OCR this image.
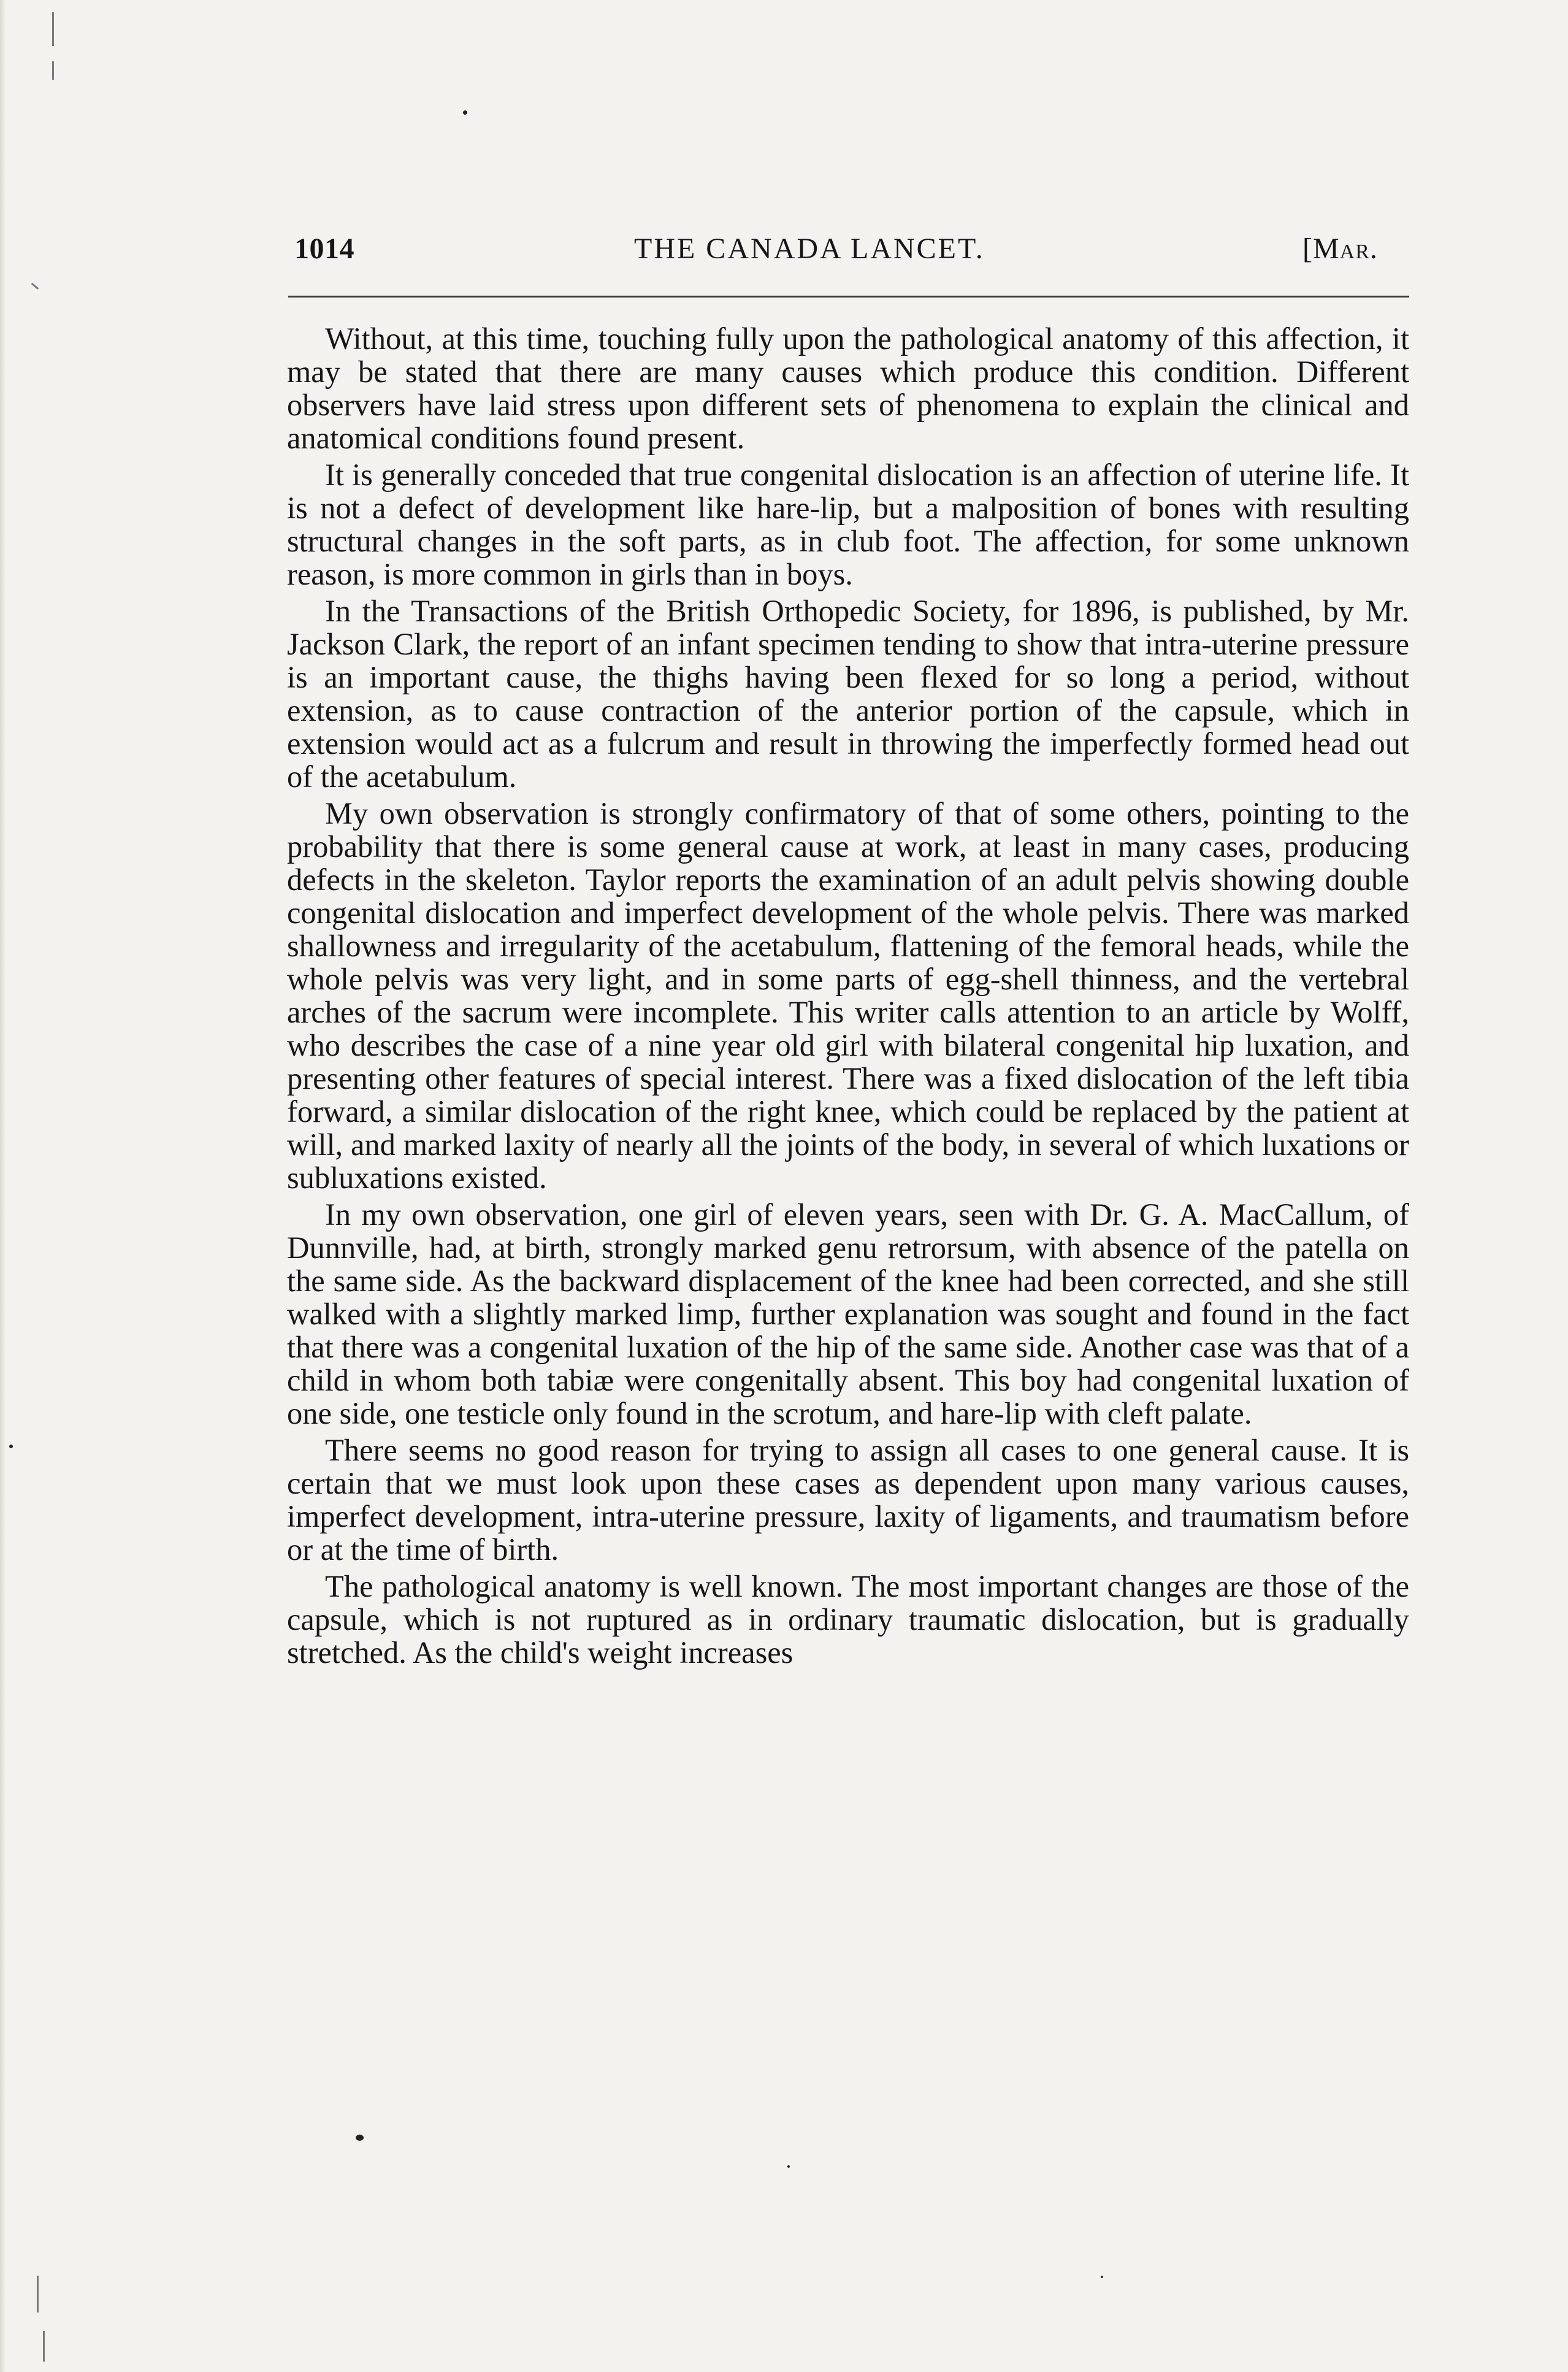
1014	THE CANADA LANCET.	[Mar.

Without, at this time, touching fully upon the pathological anatomy of this affection, it may be stated that there are many causes which produce this condition. Different observers have laid stress upon different sets of phenomena to explain the clinical and anatomical conditions found present.

It is generally conceded that true congenital dislocation is an affection of uterine life. It is not a defect of development like hare-lip, but a malposition of bones with resulting structural changes in the soft parts, as in club foot. The affection, for some unknown reason, is more common in girls than in boys.

In the Transactions of the British Orthopedic Society, for 1896, is published, by Mr. Jackson Clark, the report of an infant specimen tending to show that intra-uterine pressure is an important cause, the thighs having been flexed for so long a period, without extension, as to cause contraction of the anterior portion of the capsule, which in extension would act as a fulcrum and result in throwing the imperfectly formed head out of the acetabulum.

My own observation is strongly confirmatory of that of some others, pointing to the probability that there is some general cause at work, at least in many cases, producing defects in the skeleton. Taylor reports the examination of an adult pelvis showing double congenital dislocation and imperfect development of the whole pelvis. There was marked shallowness and irregularity of the acetabulum, flattening of the femoral heads, while the whole pelvis was very light, and in some parts of egg-shell thinness, and the vertebral arches of the sacrum were incomplete. This writer calls attention to an article by Wolff, who describes the case of a nine year old girl with bilateral congenital hip luxation, and presenting other features of special interest. There was a fixed dislocation of the left tibia forward, a similar dislocation of the right knee, which could be replaced by the patient at will, and marked laxity of nearly all the joints of the body, in several of which luxations or subluxations existed.

In my own observation, one girl of eleven years, seen with Dr. G. A. MacCallum, of Dunnville, had, at birth, strongly marked genu retrorsum, with absence of the patella on the same side. As the backward displacement of the knee had been corrected, and she still walked with a slightly marked limp, further explanation was sought and found in the fact that there was a congenital luxation of the hip of the same side. Another case was that of a child in whom both tabiæ were congenitally absent. This boy had congenital luxation of one side, one testicle only found in the scrotum, and hare-lip with cleft palate.

There seems no good reason for trying to assign all cases to one general cause. It is certain that we must look upon these cases as dependent upon many various causes, imperfect development, intra-uterine pressure, laxity of ligaments, and traumatism before or at the time of birth.

The pathological anatomy is well known. The most important changes are those of the capsule, which is not ruptured as in ordinary traumatic dislocation, but is gradually stretched. As the child's weight increases
